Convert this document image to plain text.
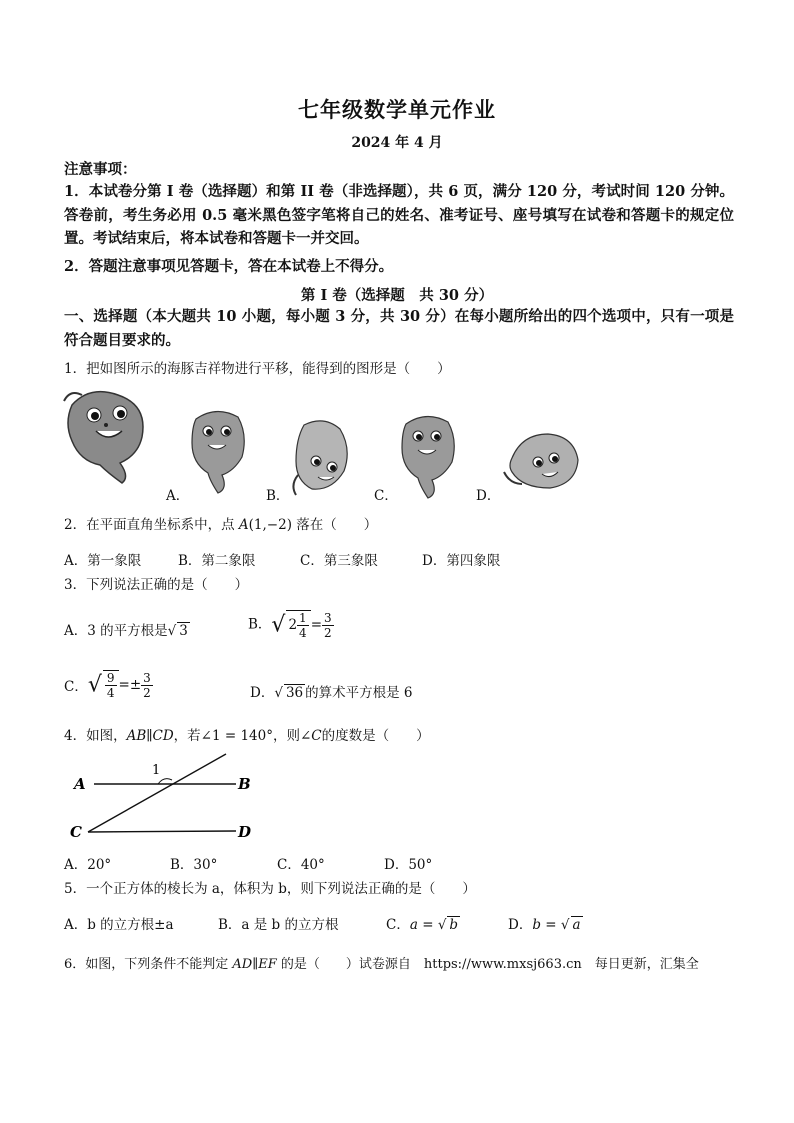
七年级数学单元作业
2024 年 4 月
注意事项：
1．本试卷分第 I 卷（选择题）和第 II 卷（非选择题），共 6 页，满分 120 分，考试时间 120 分钟。答卷前，考生务必用 0.5 毫米黑色签字笔将自己的姓名、准考证号、座号填写在试卷和答题卡的规定位置。考试结束后，将本试卷和答题卡一并交回。
2．答题注意事项见答题卡，答在本试卷上不得分。
第 I 卷（选择题　共 30 分）
一、选择题（本大题共 10 小题，每小题 3 分，共 30 分）在每小题所给出的四个选项中，只有一项是符合题目要求的。
1．把如图所示的海豚吉祥物进行平移，能得到的图形是（　　）
A．	B．	C．	D．
2．在平面直角坐标系中，点 A(1,−2) 落在（　　）
A．第一象限	B．第二象限	C．第三象限	D．第四象限
3．下列说法正确的是（　　）
A．3 的平方根是√ 3	B．√ $2 \frac{1}{4} = \frac{3}{2}$
C．√ $\frac{9}{4} =\pm \frac{3}{2}$	D．√ 36 的算术平方根是 6
4．如图，AB∥CD，若∠1 = 140°，则∠C的度数是（　　）
A	B
C	D
1
A．20°	B．30°	C．40°	D．50°
5．一个正方体的棱长为 a，体积为 b，则下列说法正确的是（　　）
A．b 的立方根±a	B．a 是 b 的立方根	C．a = √ b	D．b = √ a
6．如图，下列条件不能判定 AD∥EF 的是（　　）试卷源自　https://www.mxsj663.cn　每日更新，汇集全
